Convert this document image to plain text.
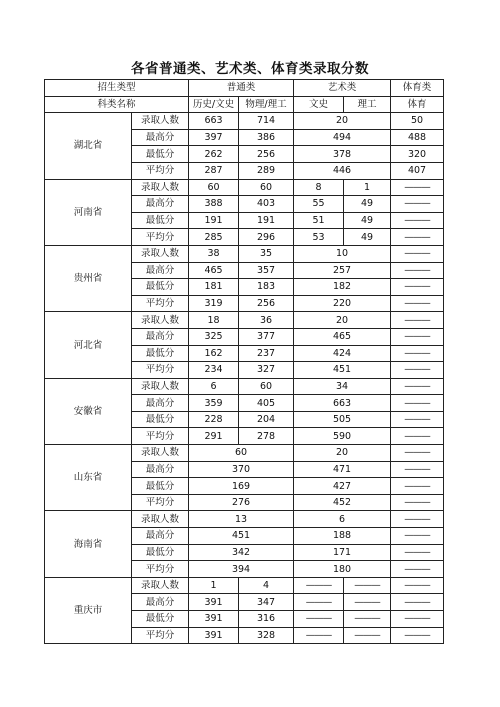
各省普通类、艺术类、体育类录取分数
招生类型		普通类		艺术类		体育类
科类名称		历史/文史	物理/理工	文史	理工	体育
湖北省	录取人数	663	714	20		50
	最高分	397	386	494		488
	最低分	262	256	378		320
	平均分	287	289	446		407
河南省	录取人数	60	60	8	1	———
	最高分	388	403	55	49	———
	最低分	191	191	51	49	———
	平均分	285	296	53	49	———
贵州省	录取人数	38	35	10		———
	最高分	465	357	257		———
	最低分	181	183	182		———
	平均分	319	256	220		———
河北省	录取人数	18	36	20		———
	最高分	325	377	465		———
	最低分	162	237	424		———
	平均分	234	327	451		———
安徽省	录取人数	6	60	34		———
	最高分	359	405	663		———
	最低分	228	204	505		———
	平均分	291	278	590		———
山东省	录取人数	60		20		———
	最高分	370		471		———
	最低分	169		427		———
	平均分	276		452		———
海南省	录取人数	13		6		———
	最高分	451		188		———
	最低分	342		171		———
	平均分	394		180		———
重庆市	录取人数	1	4	———	———	———
	最高分	391	347	———	———	———
	最低分	391	316	———	———	———
	平均分	391	328	———	———	———
